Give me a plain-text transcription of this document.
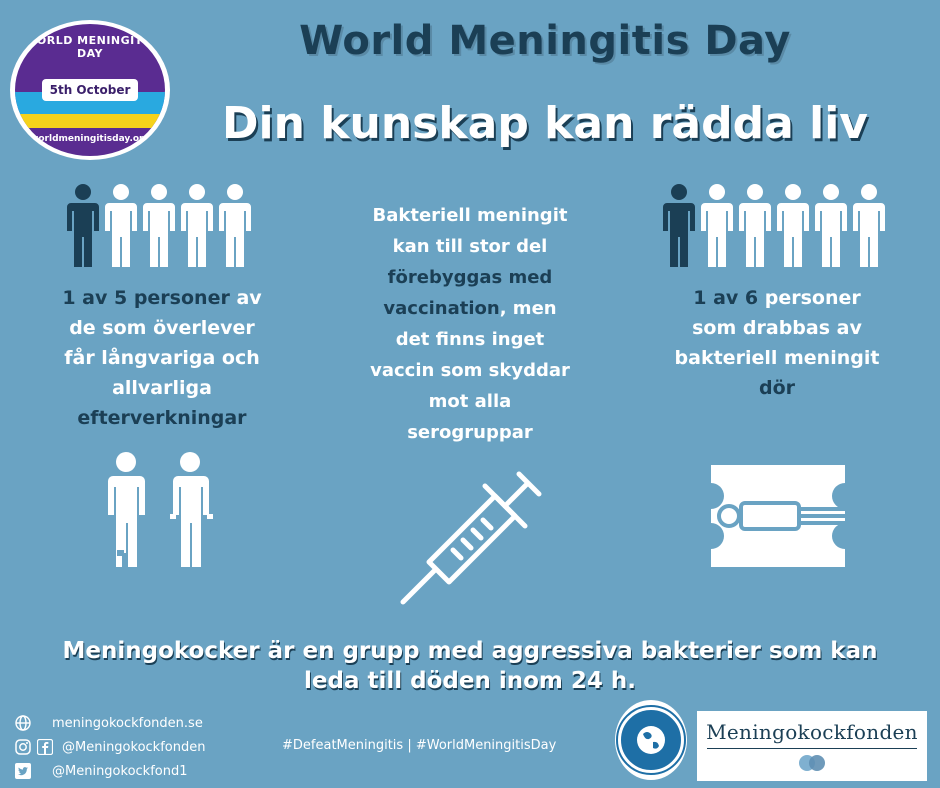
WORLD MENINGITIS DAY
5th October
worldmeningitisday.org
World Meningitis Day
Din kunskap kan rädda liv
1 av 5 personer av de som överlever får långvariga och allvarliga efterverkningar
Bakteriell meningit kan till stor del förebyggas med vaccination, men det finns inget vaccin som skyddar mot alla serogruppar
1 av 6 personer som drabbas av bakteriell meningit dör
Meningokocker är en grupp med aggressiva bakterier som kan
leda till döden inom 24 h.
meningokockfonden.se
@Meningokockfonden
@Meningokockfond1
#DefeatMeningitis | #WorldMeningitisDay
Meningokockfonden
